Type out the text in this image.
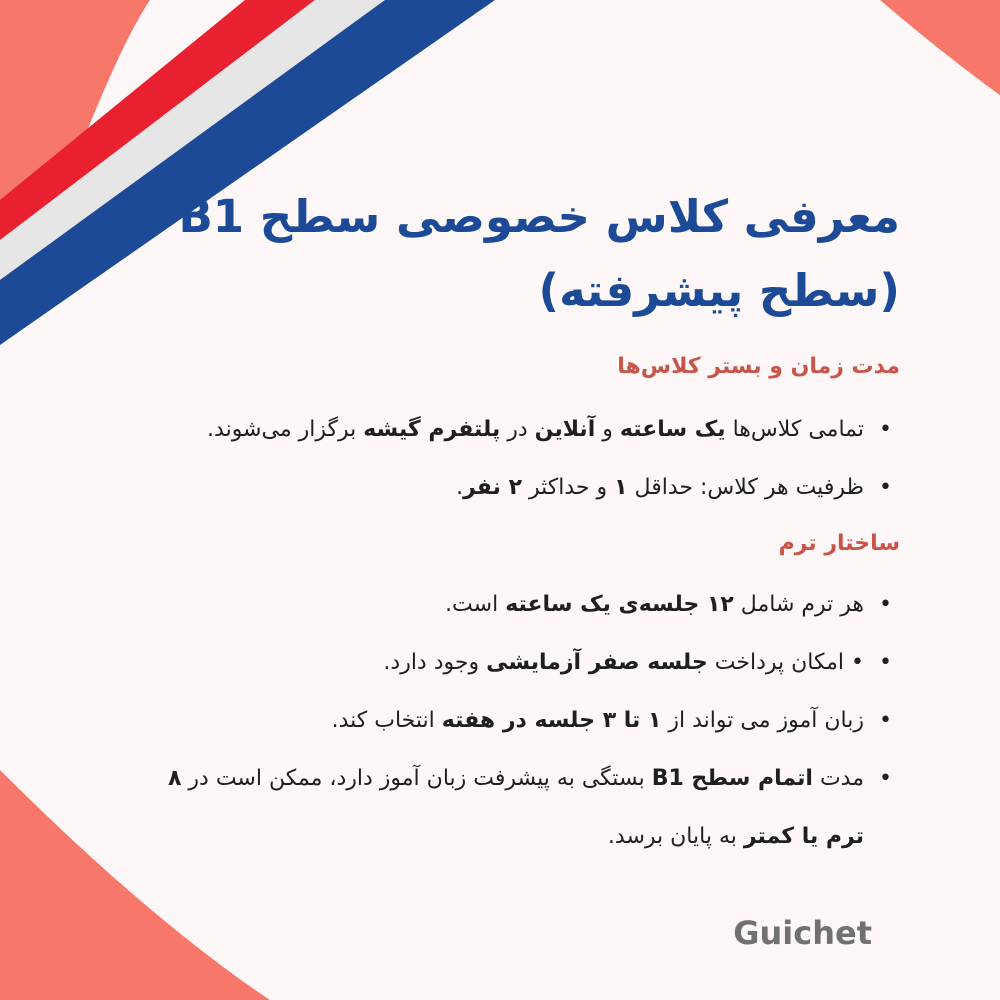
معرفی کلاس خصوصی سطح B1
(سطح پیشرفته)
مدت زمان و بستر کلاس‌ها
• تمامی کلاس‌ها یک ساعته و آنلاین در پلتفرم گیشه برگزار می‌شوند.
• ظرفیت هر کلاس: حداقل ۱ و حداکثر ۲ نفر.
ساختار ترم
• هر ترم شامل ۱۲ جلسه‌ی یک ساعته است.
• • امکان پرداخت جلسه صفر آزمایشی وجود دارد.
• زبان آموز می تواند از ۱ تا ۳ جلسه در هفته انتخاب کند.
• مدت اتمام سطح B1 بستگی به پیشرفت زبان آموز دارد، ممکن است در ۸ ترم یا کمتر به پایان برسد.
Guichet
